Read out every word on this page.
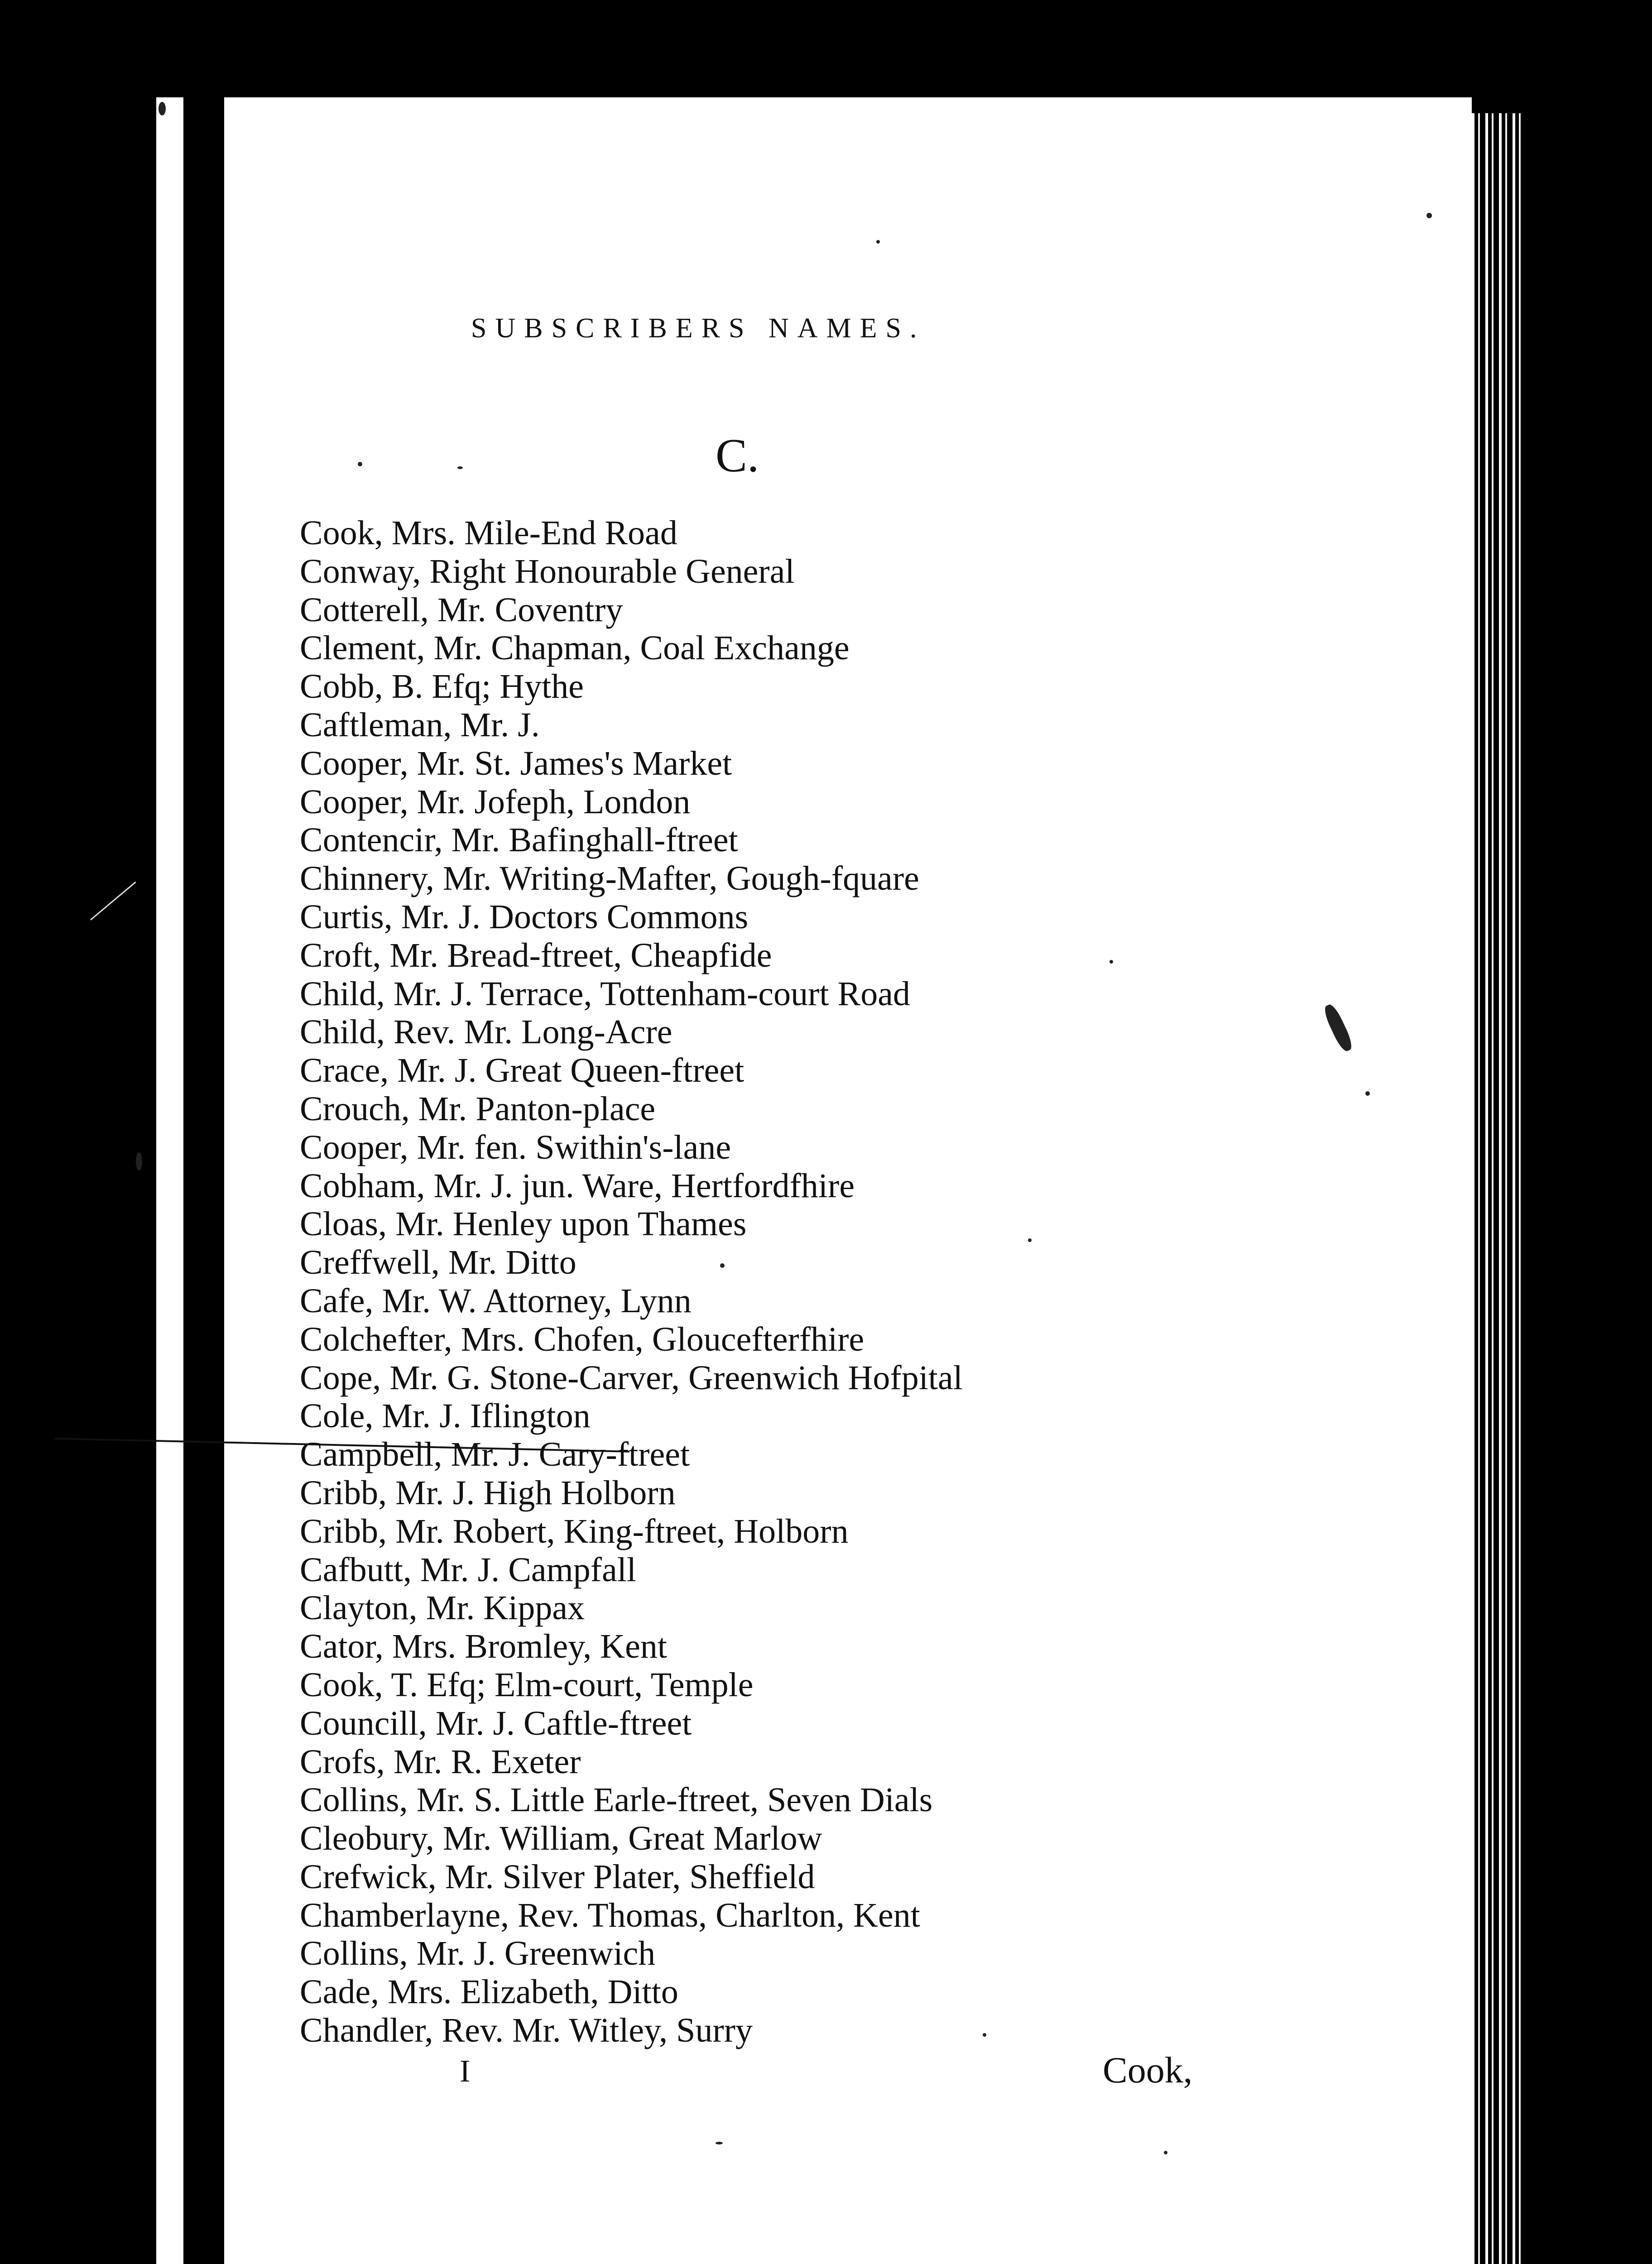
SUBSCRIBERS NAMES.
C.
Cook, Mrs. Mile-End Road
Conway, Right Honourable General
Cotterell, Mr. Coventry
Clement, Mr. Chapman, Coal Exchange
Cobb, B. Efq; Hythe
Caftleman, Mr. J.
Cooper, Mr. St. James's Market
Cooper, Mr. Jofeph, London
Contencir, Mr. Bafinghall-ftreet
Chinnery, Mr. Writing-Mafter, Gough-fquare
Curtis, Mr. J. Doctors Commons
Croft, Mr. Bread-ftreet, Cheapfide
Child, Mr. J. Terrace, Tottenham-court Road
Child, Rev. Mr. Long-Acre
Crace, Mr. J. Great Queen-ftreet
Crouch, Mr. Panton-place
Cooper, Mr. fen. Swithin's-lane
Cobham, Mr. J. jun. Ware, Hertfordfhire
Cloas, Mr. Henley upon Thames
Creffwell, Mr. Ditto
Cafe, Mr. W. Attorney, Lynn
Colchefter, Mrs. Chofen, Gloucefterfhire
Cope, Mr. G. Stone-Carver, Greenwich Hofpital
Cole, Mr. J. Iflington
Campbell, Mr. J. Cary-ftreet
Cribb, Mr. J. High Holborn
Cribb, Mr. Robert, King-ftreet, Holborn
Cafbutt, Mr. J. Campfall
Clayton, Mr. Kippax
Cator, Mrs. Bromley, Kent
Cook, T. Efq; Elm-court, Temple
Councill, Mr. J. Caftle-ftreet
Crofs, Mr. R. Exeter
Collins, Mr. S. Little Earle-ftreet, Seven Dials
Cleobury, Mr. William, Great Marlow
Crefwick, Mr. Silver Plater, Sheffield
Chamberlayne, Rev. Thomas, Charlton, Kent
Collins, Mr. J. Greenwich
Cade, Mrs. Elizabeth, Ditto
Chandler, Rev. Mr. Witley, Surry
I	Cook,
